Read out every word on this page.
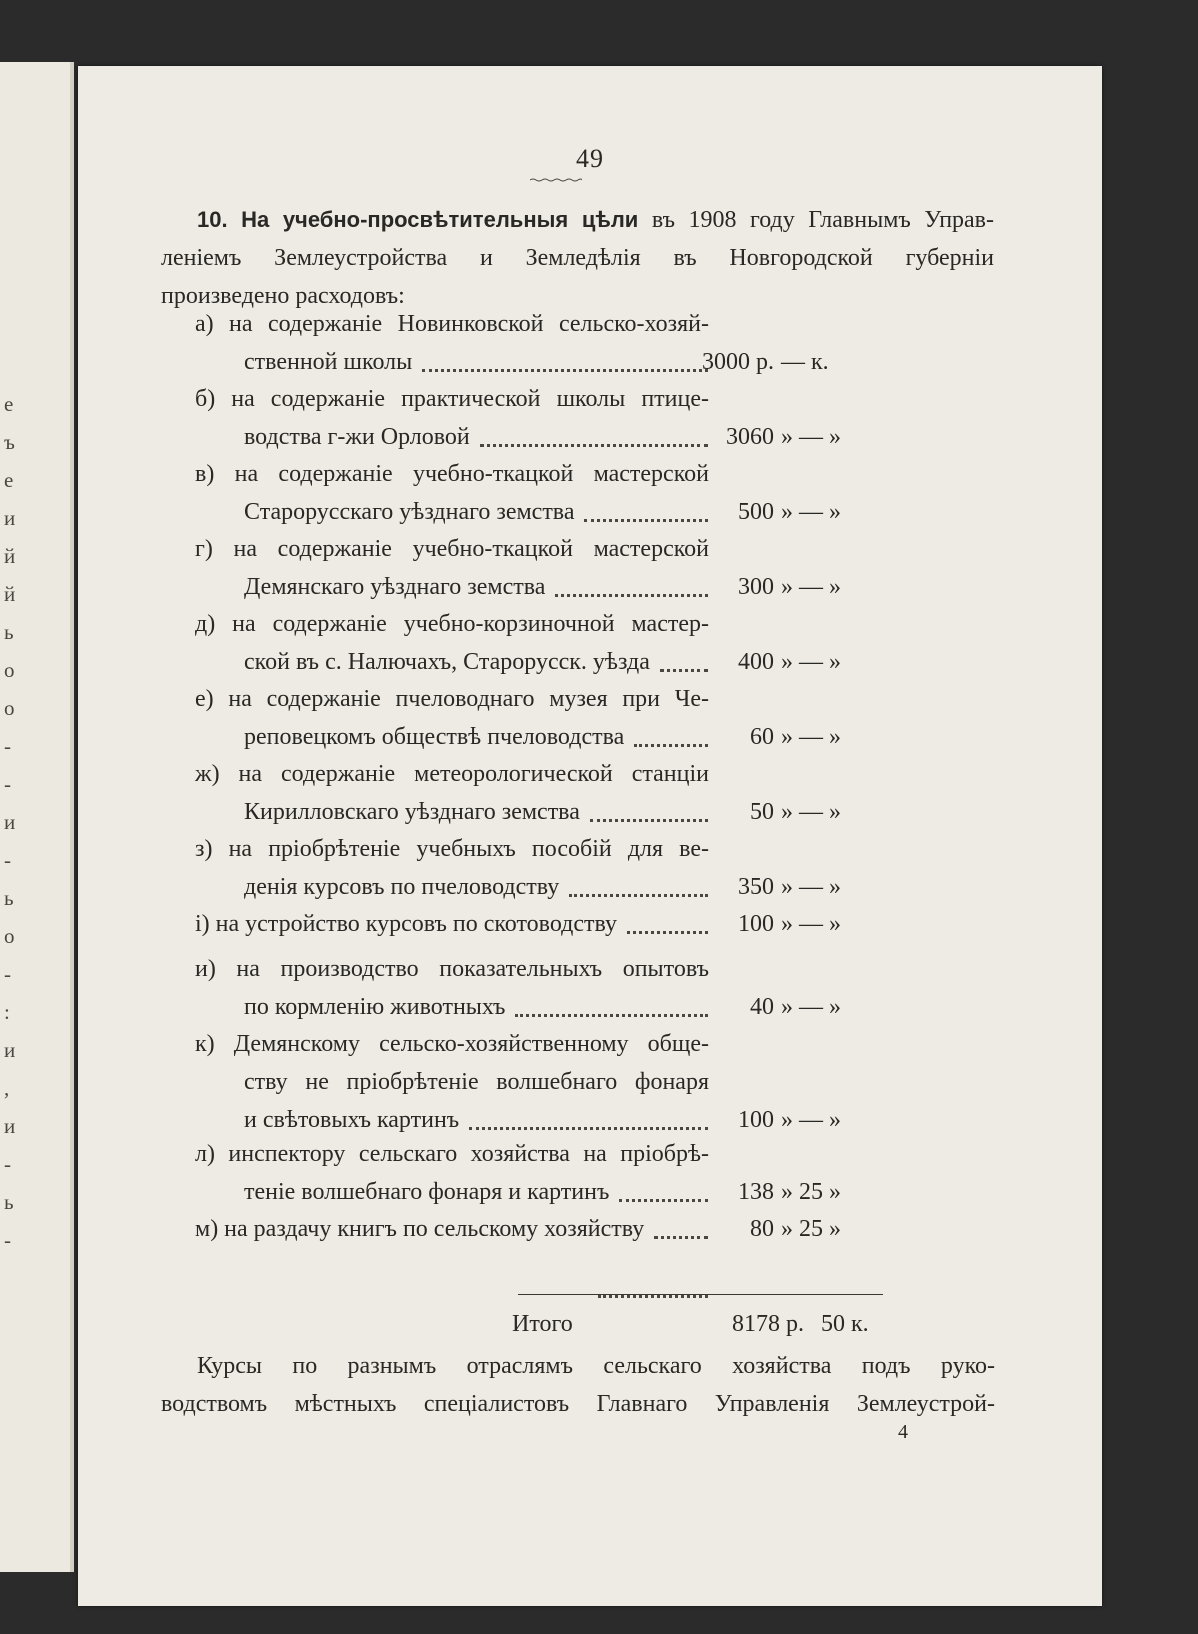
е
ъ
е
и
й
й
ь
о
о
-
-
и
-
ь
о
-
:
и
,
и
-
ь
-
49
10. На учебно-просвѣтительныя цѣли въ 1908 году Главнымъ Управ-
леніемъ Землеустройства и Земледѣлія въ Новгородской губерніи
произведено расходовъ:
а) на содержаніе Новинковской сельско-хозяй-
ственной школы	3000 р. — к.
б) на содержаніе практической школы птице-
водства г-жи Орловой	3060 » — »
в) на содержаніе учебно-ткацкой мастерской
Старорусскаго уѣзднаго земства	500 » — »
г) на содержаніе учебно-ткацкой мастерской
Демянскаго уѣзднаго земства	300 » — »
д) на содержаніе учебно-корзиночной мастер-
ской въ с. Налючахъ, Старорусск. уѣзда	400 » — »
е) на содержаніе пчеловоднаго музея при Че-
реповецкомъ обществѣ пчеловодства	60 » — »
ж) на содержаніе метеорологической станціи
Кирилловскаго уѣзднаго земства	50 » — »
з) на пріобрѣтеніе учебныхъ пособій для ве-
денія курсовъ по пчеловодству	350 » — »
і) на устройство курсовъ по скотоводству	100 » — »
и) на производство показательныхъ опытовъ
по кормленію животныхъ	40 » — »
к) Демянскому сельско-хозяйственному обще-
ству не пріобрѣтеніе волшебнаго фонаря
и свѣтовыхъ картинъ	100 » — »
л) инспектору сельскаго хозяйства на пріобрѣ-
теніе волшебнаго фонаря и картинъ	138 » 25 »
м) на раздачу книгъ по сельскому хозяйству	80 » 25 »
Итого	8178 р. 50 к.
Курсы по разнымъ отраслямъ сельскаго хозяйства подъ руко-
водствомъ мѣстныхъ спеціалистовъ Главнаго Управленія Землеустрой-
4
